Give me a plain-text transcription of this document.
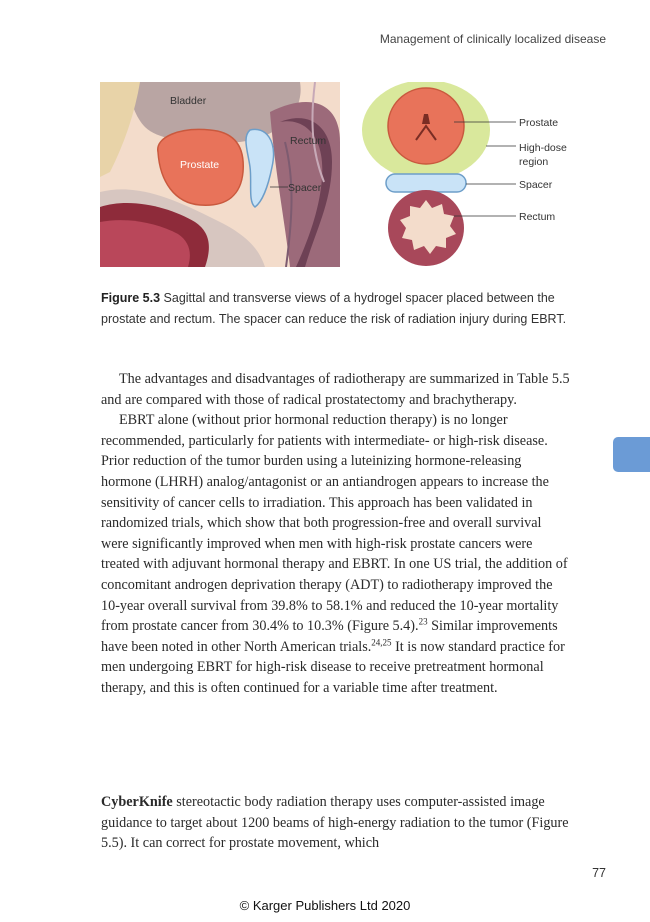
Management of clinically localized disease
Bladder
Rectum
Prostate
Spacer
Prostate
High-dose
region
Spacer
Rectum
Figure 5.3 Sagittal and transverse views of a hydrogel spacer placed between the prostate and rectum. The spacer can reduce the risk of radiation injury during EBRT.

The advantages and disadvantages of radiotherapy are summarized in Table 5.5 and are compared with those of radical prostatectomy and brachytherapy.

EBRT alone (without prior hormonal reduction therapy) is no longer recommended, particularly for patients with intermediate- or high-risk disease. Prior reduction of the tumor burden using a luteinizing hormone-releasing hormone (LHRH) analog/antagonist or an antiandrogen appears to increase the sensitivity of cancer cells to irradiation. This approach has been validated in randomized trials, which show that both progression-free and overall survival were significantly improved when men with high-risk prostate cancers were treated with adjuvant hormonal therapy and EBRT. In one US trial, the addition of concomitant androgen deprivation therapy (ADT) to radiotherapy improved the 10-year overall survival from 39.8% to 58.1% and reduced the 10-year mortality from prostate cancer from 30.4% to 10.3% (Figure 5.4).$^{23}$ Similar improvements have been noted in other North American trials.$^{24,25}$ It is now standard practice for men undergoing EBRT for high-risk disease to receive pretreatment hormonal therapy, and this is often continued for a variable time after treatment.

CyberKnife stereotactic body radiation therapy uses computer-assisted image guidance to target about 1200 beams of high-energy radiation to the tumor (Figure 5.5). It can correct for prostate movement, which

77
© Karger Publishers Ltd 2020
